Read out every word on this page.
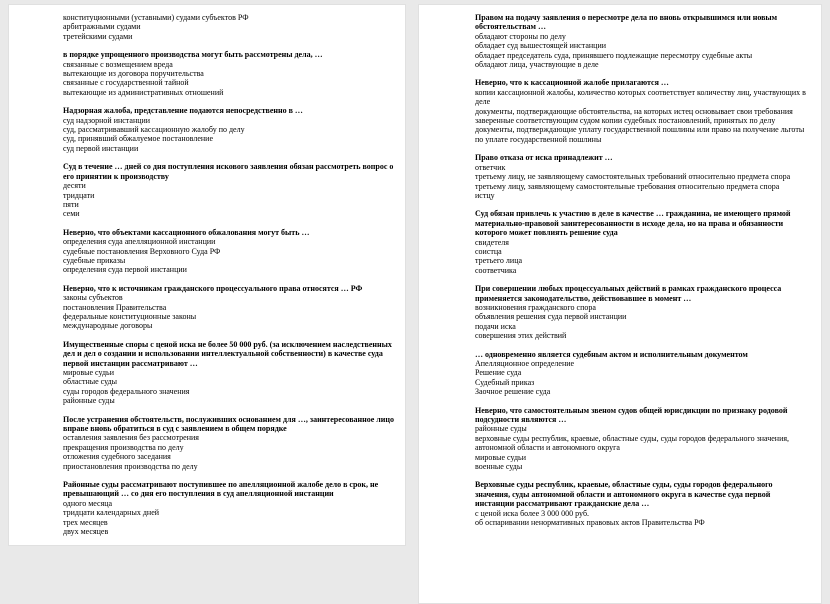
конституционными (уставными) судами субъектов РФ
арбитражными судами
третейскими судами
в порядке упрощенного производства могут быть рассмотрены дела, …
связанные с возмещением вреда
вытекающие из договора поручительства
связанные с государственной тайной
вытекающие из административных отношений
Надзорная жалоба, представление подаются непосредственно в …
суд надзорной инстанции
суд, рассматривавший кассационную жалобу по делу
суд, принявший обжалуемое постановление
суд первой инстанции
Суд в течение … дней со дня поступления искового заявления обязан рассмотреть вопрос о его принятии к производству
десяти
тридцати
пяти
семи
Неверно, что объектами кассационного обжалования могут быть …
определения суда апелляционной инстанции
судебные постановления Верховного Суда РФ
судебные приказы
определения суда первой инстанции
Неверно, что к источникам гражданского процессуального права относятся … РФ
законы субъектов
постановления Правительства
федеральные конституционные законы
международные договоры
Имущественные споры с ценой иска не более 50 000 руб. (за исключением наследственных дел и дел о создании и использовании интеллектуальной собственности) в качестве суда первой инстанции рассматривают …
мировые судьи
областные суды
суды городов федерального значения
районные суды
После устранения обстоятельств, послуживших основанием для …, заинтересованное лицо вправе вновь обратиться в суд с заявлением в общем порядке
оставления заявления без рассмотрения
прекращения производства по делу
отложения судебного заседания
приостановления производства по делу
Районные суды рассматривают поступившее по апелляционной жалобе дело в срок, не превышающий … со дня его поступления в суд апелляционной инстанции
одного месяца
тридцати календарных дней
трех месяцев
двух месяцев
Правом на подачу заявления о пересмотре дела по вновь открывшимся или новым обстоятельствам …
обладают стороны по делу
обладает суд вышестоящей инстанции
обладает председатель суда, принявшего подлежащие пересмотру судебные акты
обладают лица, участвующие в деле
Неверно, что к кассационной жалобе прилагаются …
копии кассационной жалобы, количество которых соответствует количеству лиц, участвующих в деле
документы, подтверждающие обстоятельства, на которых истец основывает свои требования
заверенные соответствующим судом копии судебных постановлений, принятых по делу
документы, подтверждающие уплату государственной пошлины или право на получение льготы по уплате государственной пошлины
Право отказа от иска принадлежит …
ответчик
третьему лицу, не заявляющему самостоятельных требований относительно предмета спора
третьему лицу, заявляющему самостоятельные требования относительно предмета спора
истцу
Суд обязан привлечь к участию в деле в качестве … гражданина, не имеющего прямой материально-правовой заинтересованности в исходе дела, но на права и обязанности которого может повлиять решение суда
свидетеля
соистца
третьего лица
соответчика
При совершении любых процессуальных действий в рамках гражданского процесса применяется законодательство, действовавшее в момент …
возникновения гражданского спора
объявления решения суда первой инстанции
подачи иска
совершения этих действий
… одновременно является судебным актом и исполнительным документом
Апелляционное определение
Решение суда
Судебный приказ
Заочное решение суда
Неверно, что самостоятельным звеном судов общей юрисдикции по признаку родовой подсудности являются …
районные суды
верховные суды республик, краевые, областные суды, суды городов федерального значения, автономной области и автономного округа
мировые судьи
военные суды
Верховные суды республик, краевые, областные суды, суды городов федерального значения, суды автономной области и автономного округа в качестве суда первой инстанции рассматривают гражданские дела …
с ценой иска более 3 000 000 руб.
об оспаривании ненормативных правовых актов Правительства РФ
